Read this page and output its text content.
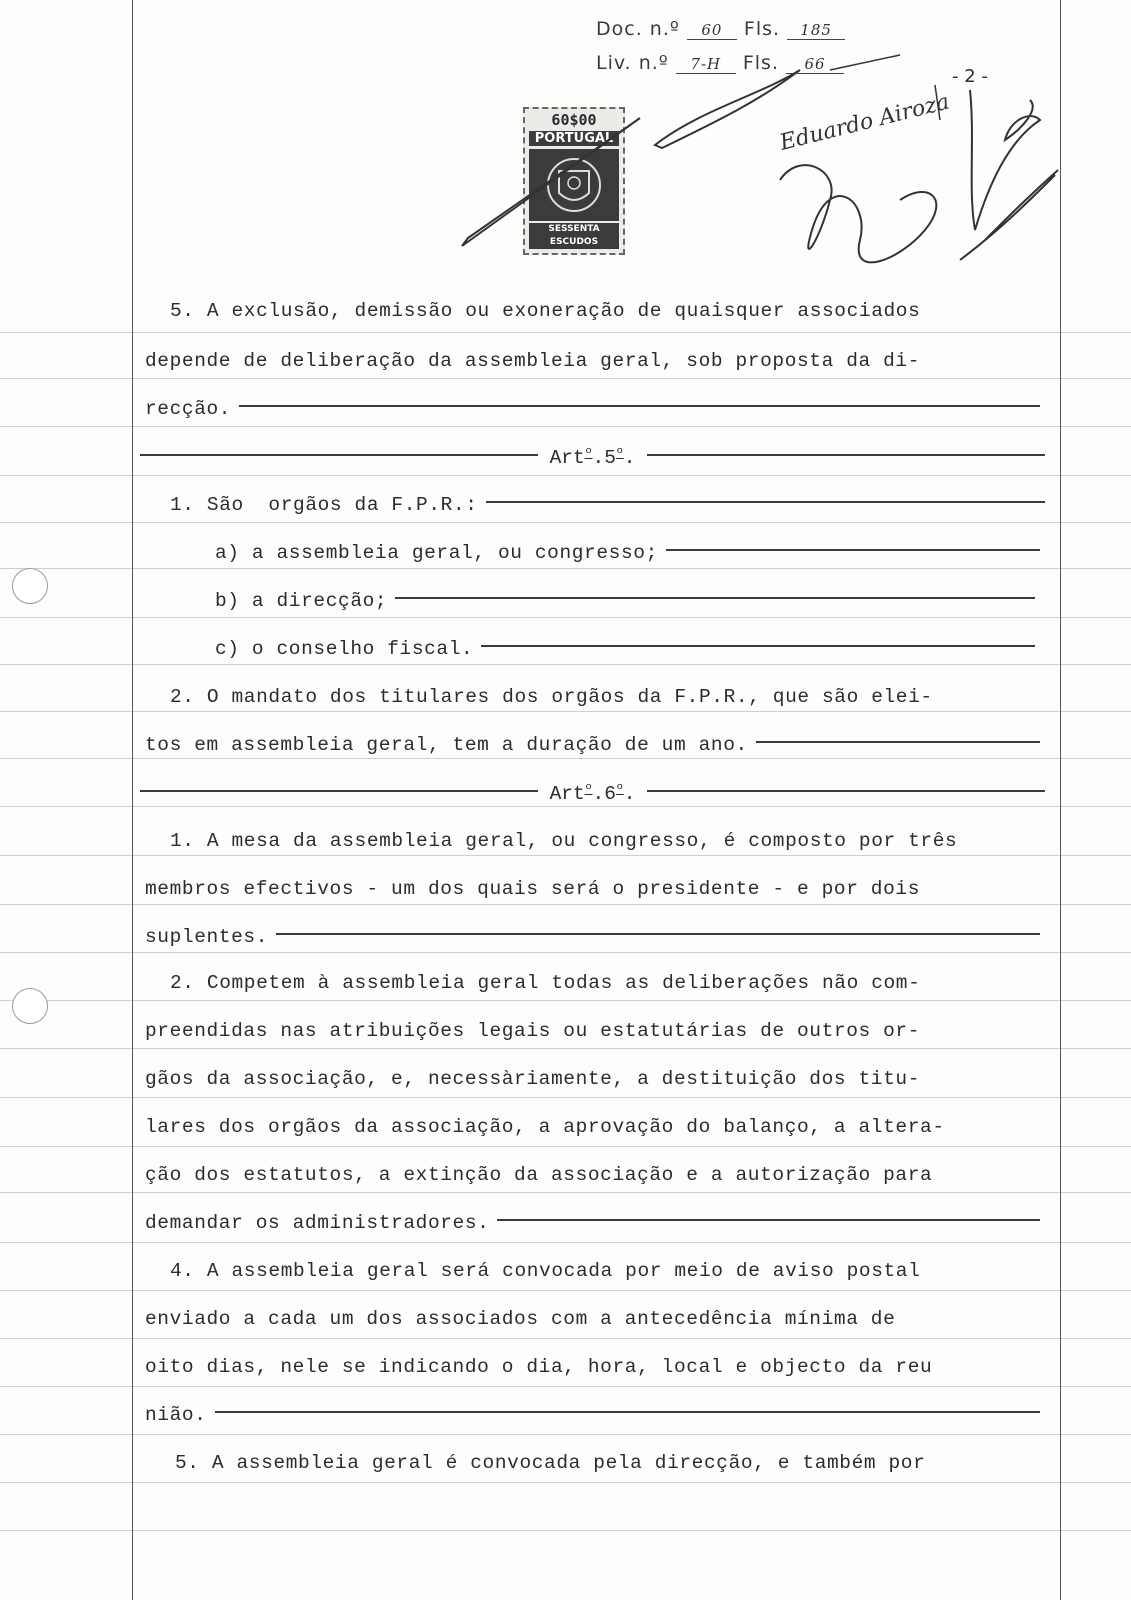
Doc. n.º 60 Fls. 185
Liv. n.º 7-H Fls. 66
- 2 -
60$00
PORTUGAL
SESSENTA ESCUDOS
Eduardo Airoza
5. A exclusão, demissão ou exoneração de quaisquer associados
depende de deliberação da assembleia geral, sob proposta da di-
recção.
$Art^º.5^º$.
1. São  orgãos da F.P.R.:
a) a assembleia geral, ou congresso;
b) a direcção;
c) o conselho fiscal.
2. O mandato dos titulares dos orgãos da F.P.R., que são elei-
tos em assembleia geral, tem a duração de um ano.
$Art^º.6^º$.
1. A mesa da assembleia geral, ou congresso, é composto por três
membros efectivos - um dos quais será o presidente - e por dois
suplentes.
2. Competem à assembleia geral todas as deliberações não com-
preendidas nas atribuições legais ou estatutárias de outros or-
gãos da associação, e, necessàriamente, a destituição dos titu-
lares dos orgãos da associação, a aprovação do balanço, a altera-
ção dos estatutos, a extinção da associação e a autorização para
demandar os administradores.
4. A assembleia geral será convocada por meio de aviso postal
enviado a cada um dos associados com a antecedência mínima de
oito dias, nele se indicando o dia, hora, local e objecto da reu
nião.
5. A assembleia geral é convocada pela direcção, e também por
